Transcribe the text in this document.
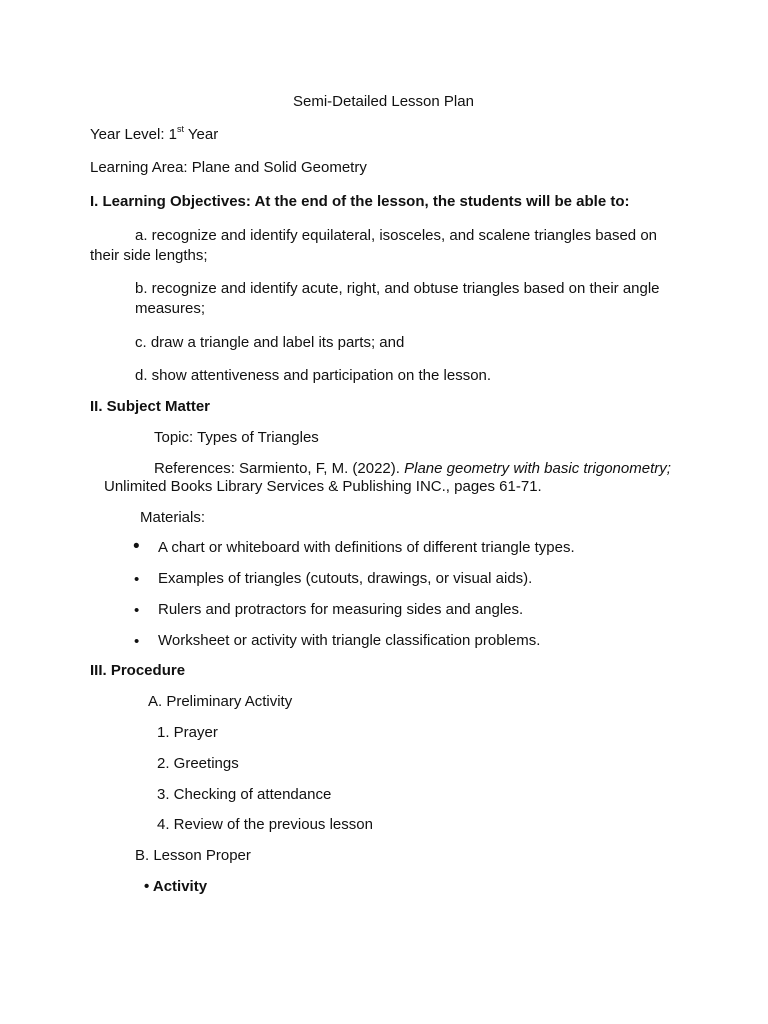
Semi-Detailed Lesson Plan
Year Level: 1st Year
Learning Area: Plane and Solid Geometry
I. Learning Objectives: At the end of the lesson, the students will be able to:
a. recognize and identify equilateral, isosceles, and scalene triangles based on
their side lengths;
b. recognize and identify acute, right, and obtuse triangles based on their angle
measures;
c. draw a triangle and label its parts; and
d. show attentiveness and participation on the lesson.
II. Subject Matter
Topic: Types of Triangles
References: Sarmiento, F, M. (2022). Plane geometry with basic trigonometry;
Unlimited Books Library Services & Publishing INC., pages 61-71.
Materials:
• A chart or whiteboard with definitions of different triangle types.
• Examples of triangles (cutouts, drawings, or visual aids).
• Rulers and protractors for measuring sides and angles.
• Worksheet or activity with triangle classification problems.
III. Procedure
A. Preliminary Activity
1. Prayer
2. Greetings
3. Checking of attendance
4. Review of the previous lesson
B. Lesson Proper
• Activity
